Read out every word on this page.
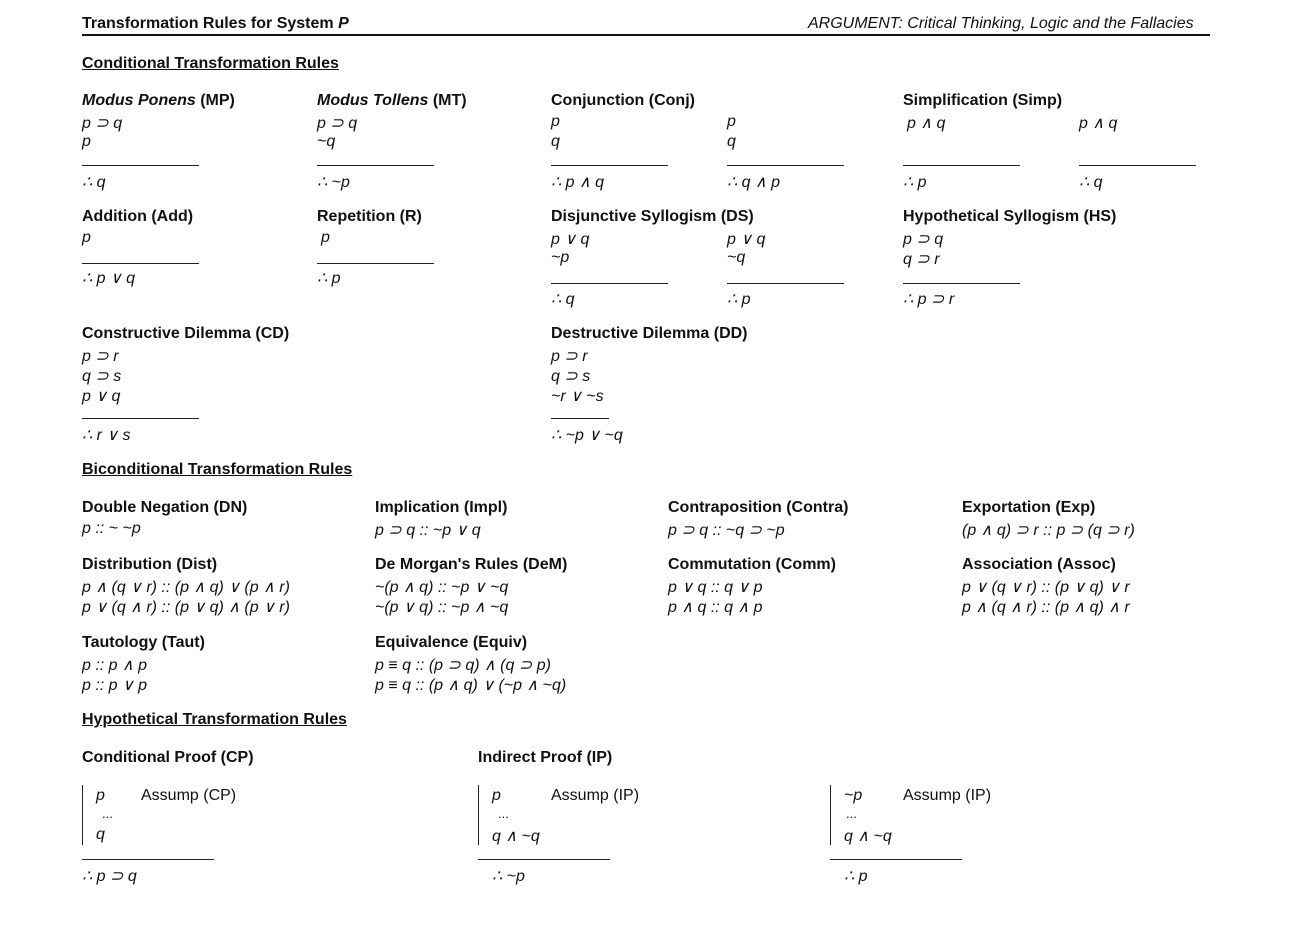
Transformation Rules for System P	ARGUMENT: Critical Thinking, Logic and the Fallacies
Conditional Transformation Rules
Modus Ponens (MP)
p ⊃ q
p
∴ q
Modus Tollens (MT)
p ⊃ q
~q
∴ ~p
Conjunction (Conj)
p
q
∴ p ∧ q
p
q
∴ q ∧ p
Simplification (Simp)
p ∧ q
∴ p
p ∧ q
∴ q
Addition (Add)
p
∴ p ∨ q
Repetition (R)
p
∴ p
Disjunctive Syllogism (DS)
p ∨ q
~p
∴ q
p ∨ q
~q
∴ p
Hypothetical Syllogism (HS)
p ⊃ q
q ⊃ r
∴ p ⊃ r
Constructive Dilemma (CD)
p ⊃ r
q ⊃ s
p ∨ q
∴ r ∨ s
Destructive Dilemma (DD)
p ⊃ r
q ⊃ s
~r ∨ ~s
∴ ~p ∨ ~q
Biconditional Transformation Rules
Double Negation (DN)
p :: ~ ~p
Implication (Impl)
p ⊃ q :: ~p ∨ q
Contraposition (Contra)
p ⊃ q :: ~q ⊃ ~p
Exportation (Exp)
(p ∧ q) ⊃ r :: p ⊃ (q ⊃ r)
Distribution (Dist)
p ∧ (q ∨ r) :: (p ∧ q) ∨ (p ∧ r)
p ∨ (q ∧ r) :: (p ∨ q) ∧ (p ∨ r)
De Morgan's Rules (DeM)
~(p ∧ q) :: ~p ∨ ~q
~(p ∨ q) :: ~p ∧ ~q
Commutation (Comm)
p ∨ q :: q ∨ p
p ∧ q :: q ∧ p
Association (Assoc)
p ∨ (q ∨ r) :: (p ∨ q) ∨ r
p ∧ (q ∧ r) :: (p ∧ q) ∧ r
Tautology (Taut)
p :: p ∧ p
p :: p ∨ p
Equivalence (Equiv)
p ≡ q :: (p ⊃ q) ∧ (q ⊃ p)
p ≡ q :: (p ∧ q) ∨ (~p ∧ ~q)
Hypothetical Transformation Rules
Conditional Proof (CP)
p Assump (CP)
...
q
∴ p ⊃ q
Indirect Proof (IP)
p	Assump (IP)
...
q ∧ ~q
∴ ~p
~p	Assump (IP)
...
q ∧ ~q
∴ p
